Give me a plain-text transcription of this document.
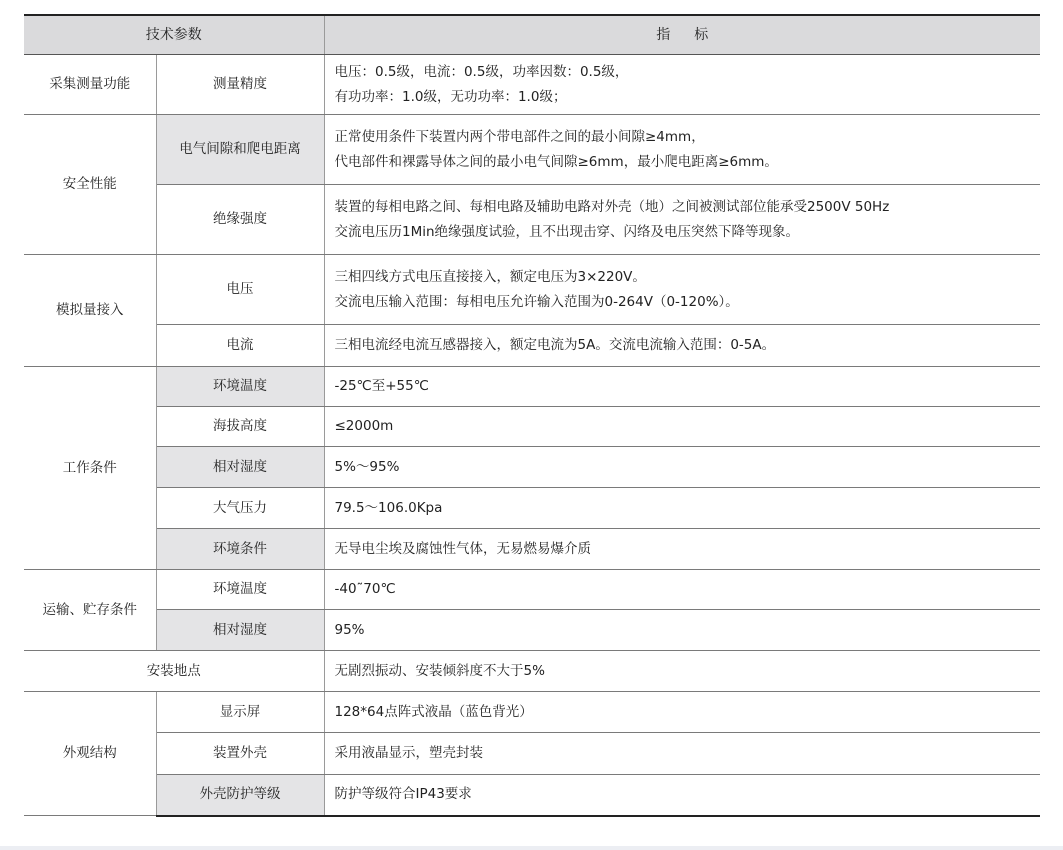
技术参数		指标
采集测量功能	测量精度	电压：0.5级，电流：0.5级，功率因数：0.5级，
有功功率：1.0级，无功功率：1.0级；

安全性能	电气间隙和爬电距离	正常使用条件下装置内两个带电部件之间的最小间隙≥4mm，
代电部件和裸露导体之间的最小电气间隙≥6mm，最小爬电距离≥6mm。

	绝缘强度	装置的每相电路之间、每相电路及辅助电路对外壳（地）之间被测试部位能承受2500V 50Hz
交流电压历1Min绝缘强度试验，且不出现击穿、闪络及电压突然下降等现象。

模拟量接入	电压	三相四线方式电压直接接入，额定电压为3×220V。
交流电压输入范围：每相电压允许输入范围为0-264V（0-120%）。

	电流	三相电流经电流互感器接入，额定电流为5A。交流电流输入范围：0-5A。
工作条件	环境温度	-25℃至+55℃
	海拔高度	≤2000m
	相对湿度	5%～95%
	大气压力	79.5～106.0Kpa
	环境条件	无导电尘埃及腐蚀性气体，无易燃易爆介质
运输、贮存条件	环境温度	-40˜70℃
	相对湿度	95%
安装地点		无剧烈振动、安装倾斜度不大于5%
外观结构	显示屏	128*64点阵式液晶（蓝色背光）
	装置外壳	采用液晶显示，塑壳封装
	外壳防护等级	防护等级符合IP43要求
